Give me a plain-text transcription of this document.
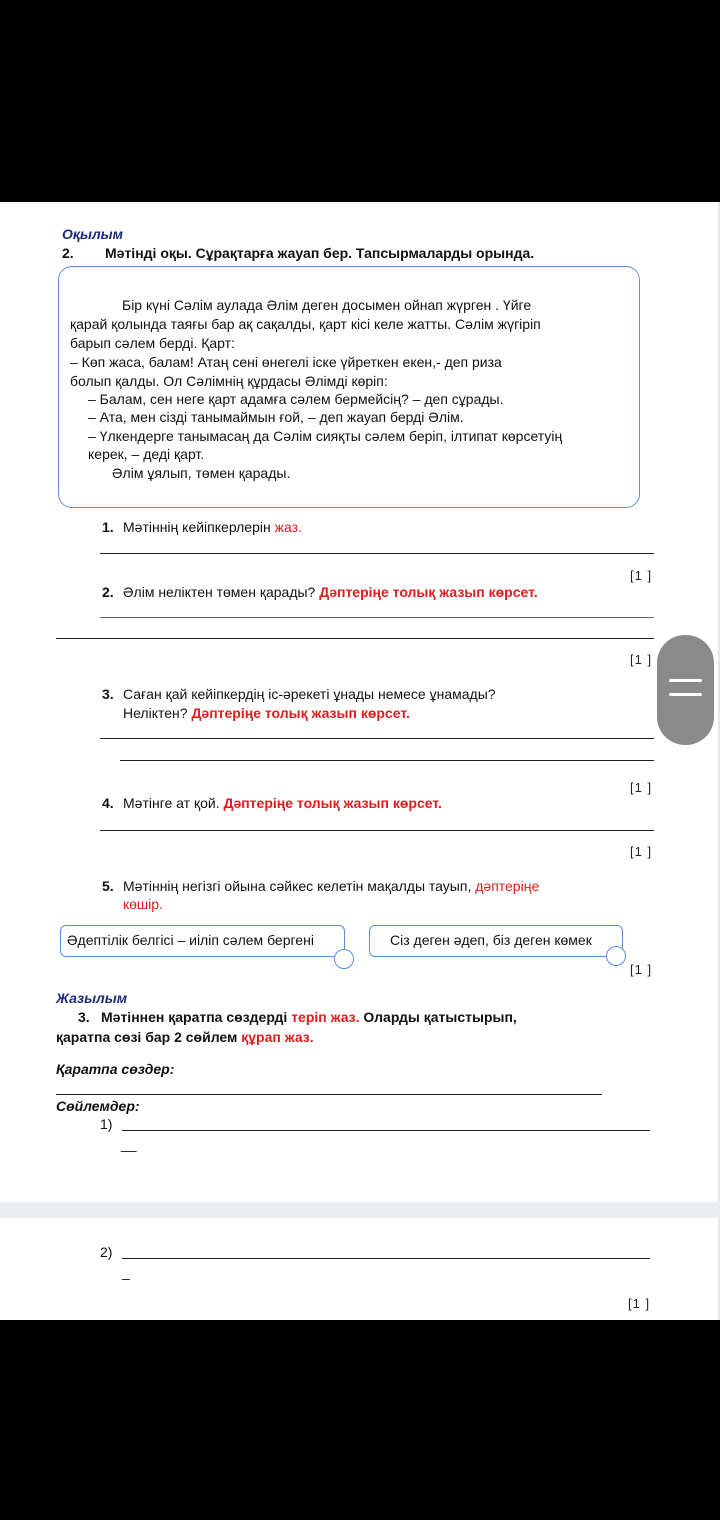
Оқылым
2. Мәтінді оқы. Сұрақтарға жауап бер. Тапсырмаларды орында.
Бір күні Сәлім аулада Әлім деген досымен ойнап жүрген . Үйге
қарай қолында таяғы бар ақ сақалды, қарт кісі келе жатты. Сәлім жүгіріп
барып сәлем берді. Қарт:
– Көп жаса, балам! Атаң сені өнегелі іске үйреткен екен,- деп риза
болып қалды. Ол Сәлімнің құрдасы Әлімді көріп:
– Балам, сен неге қарт адамға сәлем бермейсің? – деп сұрады.
– Ата, мен сізді танымаймын ғой, – деп жауап берді Әлім.
– Үлкендерге танымасаң да Сәлім сияқты сәлем беріп, ілтипат көрсетуің
керек, – деді қарт.
Әлім ұялып, төмен қарады.
1. Мәтіннің кейіпкерлерін жаз.
[1 ]
2. Әлім неліктен төмен қарады? Дәптеріңе толық жазып көрсет.
[1 ]
3. Саған қай кейіпкердің іс-әрекеті ұнады немесе ұнамады?
Неліктен? Дәптеріңе толық жазып көрсет.
[1 ]
4. Мәтінге ат қой. Дәптеріңе толық жазып көрсет.
[1 ]
5. Мәтіннің негізгі ойына сәйкес келетін мақалды тауып, дәптеріңе
көшір.
Әдептілік белгісі – иіліп сәлем бергені	Сіз деген әдеп, біз деген көмек
[1 ]
Жазылым
3. Мәтіннен қаратпа сөздерді теріп жаз. Оларды қатыстырып,
қаратпа сөзі бар 2 сөйлем құрап жаз.
Қаратпа сөздер:
Сөйлемдер:
1)
__
2)
_
[1 ]
